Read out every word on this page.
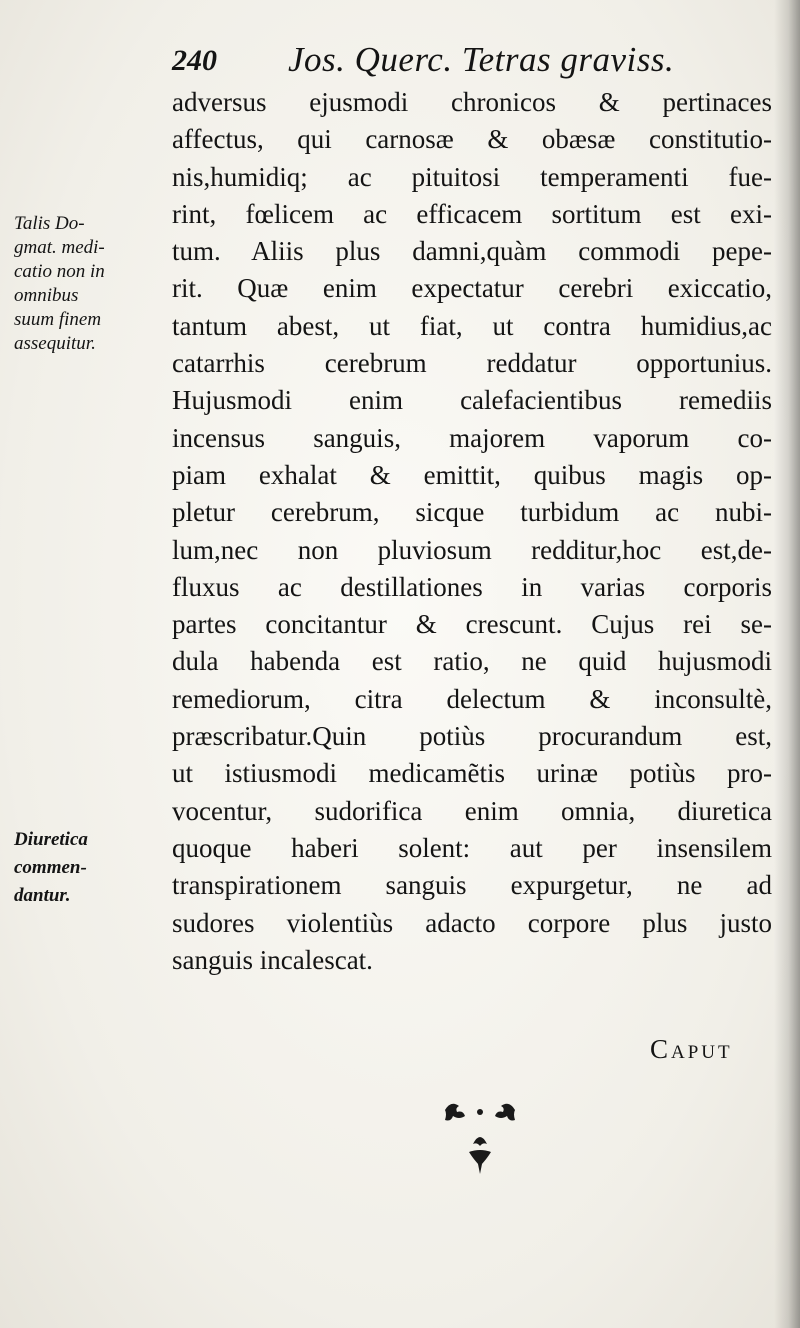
240 Jos. Querc. Tetras graviss.
Talis Do-
gmat. medi-
catio non in
omnibus
suum finem
assequitur.
Diuretica
commen-
dantur.
adversus ejusmodi chronicos & pertinaces
affectus, qui carnosæ & obæsæ constitutio-
nis,humidiq; ac pituitosi temperamenti fue-
rint, fœlicem ac efficacem sortitum est exi-
tum. Aliis plus damni,quàm commodi pepe-
rit. Quæ enim expectatur cerebri exiccatio,
tantum abest, ut fiat, ut contra humidius,ac
catarrhis cerebrum reddatur opportunius.
Hujusmodi enim calefacientibus remediis
incensus sanguis, majorem vaporum co-
piam exhalat & emittit, quibus magis op-
pletur cerebrum, sicque turbidum ac nubi-
lum,nec non pluviosum redditur,hoc est,de-
fluxus ac destillationes in varias corporis
partes concitantur & crescunt. Cujus rei se-
dula habenda est ratio, ne quid hujusmodi
remediorum, citra delectum & inconsultè,
præscribatur.Quin potiùs procurandum est,
ut istiusmodi medicamẽtis urinæ potiùs pro-
vocentur, sudorifica enim omnia, diuretica
quoque haberi solent: aut per insensilem
transpirationem sanguis expurgetur, ne ad
sudores violentiùs adacto corpore plus justo
sanguis incalescat.
Caput
